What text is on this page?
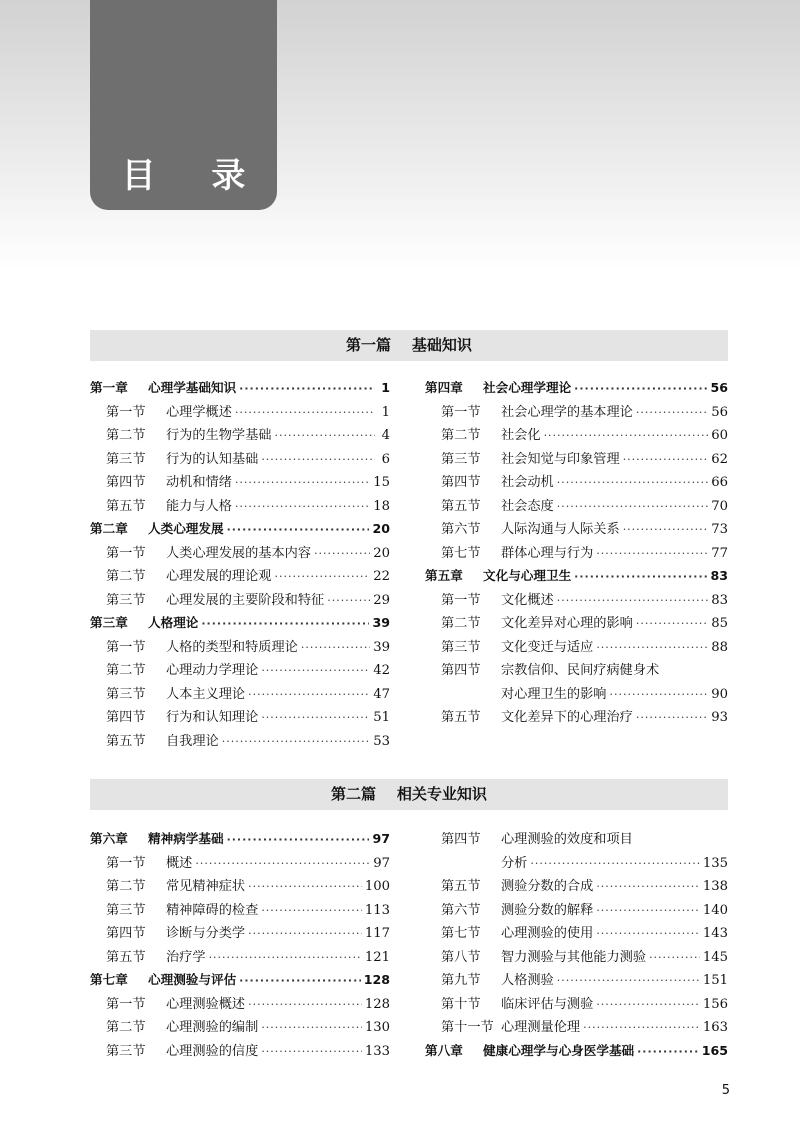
目 录
第一篇    基础知识
第一章	心理学基础知识 ·····	1
第一节	心理学概述 ·····	1
第二节	行为的生物学基础 ·····	4
第三节	行为的认知基础 ·····	6
第四节	动机和情绪 ·····	15
第五节	能力与人格 ·····	18
第二章	人类心理发展 ·····	20
第一节	人类心理发展的基本内容 ·····	20
第二节	心理发展的理论观 ·····	22
第三节	心理发展的主要阶段和特征 ·····	29
第三章	人格理论 ·····	39
第一节	人格的类型和特质理论 ·····	39
第二节	心理动力学理论 ·····	42
第三节	人本主义理论 ·····	47
第四节	行为和认知理论 ·····	51
第五节	自我理论 ·····	53
第四章	社会心理学理论 ·····	56
第一节	社会心理学的基本理论 ·····	56
第二节	社会化 ·····	60
第三节	社会知觉与印象管理 ·····	62
第四节	社会动机 ·····	66
第五节	社会态度 ·····	70
第六节	人际沟通与人际关系 ·····	73
第七节	群体心理与行为 ·····	77
第五章	文化与心理卫生 ·····	83
第一节	文化概述 ·····	83
第二节	文化差异对心理的影响 ·····	85
第三节	文化变迁与适应 ·····	88
第四节	宗教信仰、民间疗病健身术
对心理卫生的影响 ·····	90
第五节	文化差异下的心理治疗 ·····	93
第二篇    相关专业知识
第六章	精神病学基础 ·····	97
第一节	概述 ·····	97
第二节	常见精神症状 ·····	100
第三节	精神障碍的检查 ·····	113
第四节	诊断与分类学 ·····	117
第五节	治疗学 ·····	121
第七章	心理测验与评估 ·····	128
第一节	心理测验概述 ·····	128
第二节	心理测验的编制 ·····	130
第三节	心理测验的信度 ·····	133
第四节	心理测验的效度和项目
分析 ·····	135
第五节	测验分数的合成 ·····	138
第六节	测验分数的解释 ·····	140
第七节	心理测验的使用 ·····	143
第八节	智力测验与其他能力测验 ·····	145
第九节	人格测验 ·····	151
第十节	临床评估与测验 ·····	156
第十一节 心理测量伦理 ·····	163
第八章	健康心理学与心身医学基础 ·····	165
5
